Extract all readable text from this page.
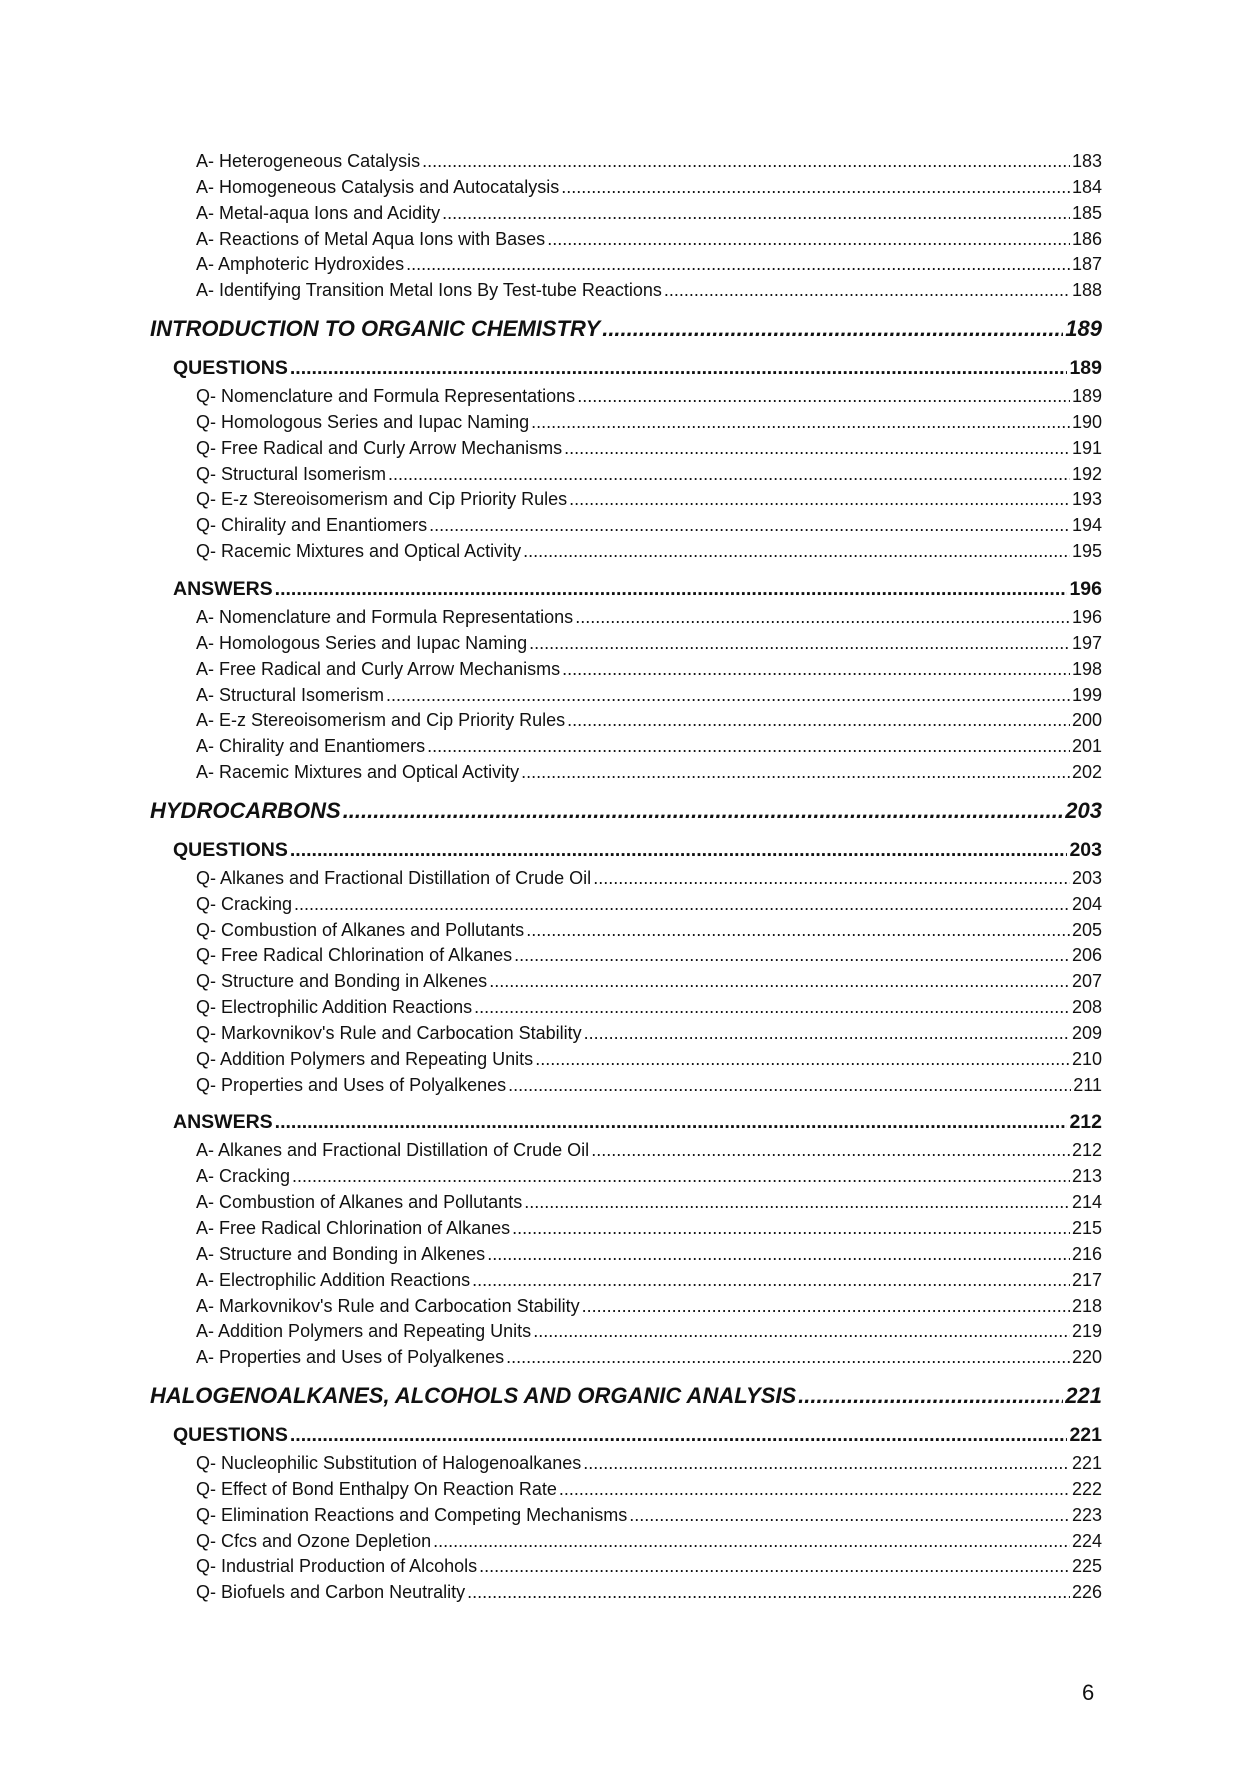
A- Heterogeneous Catalysis .....	183
A- Homogeneous Catalysis and Autocatalysis .....	184
A- Metal-aqua Ions and Acidity .....	185
A- Reactions of Metal Aqua Ions with Bases .....	186
A- Amphoteric Hydroxides .....	187
A- Identifying Transition Metal Ions By Test-tube Reactions .....	188
INTRODUCTION TO ORGANIC CHEMISTRY .....	189
QUESTIONS .....	189
Q- Nomenclature and Formula Representations .....	189
Q- Homologous Series and Iupac Naming .....	190
Q- Free Radical and Curly Arrow Mechanisms .....	191
Q- Structural Isomerism .....	192
Q- E-z Stereoisomerism and Cip Priority Rules .....	193
Q- Chirality and Enantiomers .....	194
Q- Racemic Mixtures and Optical Activity .....	195
ANSWERS .....	196
A- Nomenclature and Formula Representations .....	196
A- Homologous Series and Iupac Naming .....	197
A- Free Radical and Curly Arrow Mechanisms .....	198
A- Structural Isomerism .....	199
A- E-z Stereoisomerism and Cip Priority Rules .....	200
A- Chirality and Enantiomers .....	201
A- Racemic Mixtures and Optical Activity .....	202
HYDROCARBONS .....	203
QUESTIONS .....	203
Q- Alkanes and Fractional Distillation of Crude Oil .....	203
Q- Cracking .....	204
Q- Combustion of Alkanes and Pollutants .....	205
Q- Free Radical Chlorination of Alkanes .....	206
Q- Structure and Bonding in Alkenes .....	207
Q- Electrophilic Addition Reactions .....	208
Q- Markovnikov's Rule and Carbocation Stability .....	209
Q- Addition Polymers and Repeating Units .....	210
Q- Properties and Uses of Polyalkenes .....	211
ANSWERS .....	212
A- Alkanes and Fractional Distillation of Crude Oil .....	212
A- Cracking .....	213
A- Combustion of Alkanes and Pollutants .....	214
A- Free Radical Chlorination of Alkanes .....	215
A- Structure and Bonding in Alkenes .....	216
A- Electrophilic Addition Reactions .....	217
A- Markovnikov's Rule and Carbocation Stability .....	218
A- Addition Polymers and Repeating Units .....	219
A- Properties and Uses of Polyalkenes .....	220
HALOGENOALKANES, ALCOHOLS AND ORGANIC ANALYSIS .....	221
QUESTIONS .....	221
Q- Nucleophilic Substitution of Halogenoalkanes .....	221
Q- Effect of Bond Enthalpy On Reaction Rate .....	222
Q- Elimination Reactions and Competing Mechanisms .....	223
Q- Cfcs and Ozone Depletion .....	224
Q- Industrial Production of Alcohols .....	225
Q- Biofuels and Carbon Neutrality .....	226
6
